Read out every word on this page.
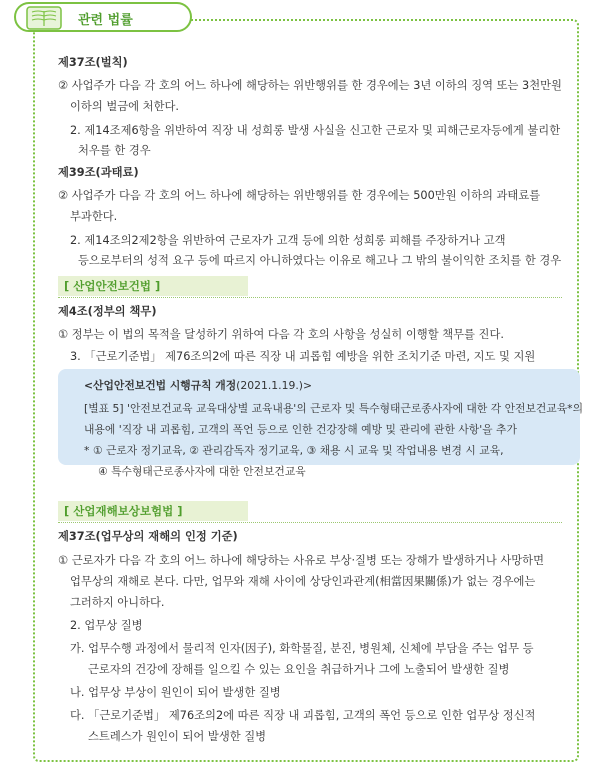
관련 법률
제37조(벌칙)
② 사업주가 다음 각 호의 어느 하나에 해당하는 위반행위를 한 경우에는 3년 이하의 징역 또는 3천만원
이하의 벌금에 처한다.
2. 제14조제6항을 위반하여 직장 내 성희롱 발생 사실을 신고한 근로자 및 피해근로자등에게 불리한
처우를 한 경우
제39조(과태료)
② 사업주가 다음 각 호의 어느 하나에 해당하는 위반행위를 한 경우에는 500만원 이하의 과태료를
부과한다.
2. 제14조의2제2항을 위반하여 근로자가 고객 등에 의한 성희롱 피해를 주장하거나 고객
등으로부터의 성적 요구 등에 따르지 아니하였다는 이유로 해고나 그 밖의 불이익한 조치를 한 경우
[ 산업안전보건법 ]
제4조(정부의 책무)
① 정부는 이 법의 목적을 달성하기 위하여 다음 각 호의 사항을 성실히 이행할 책무를 진다.
3. 「근로기준법」 제76조의2에 따른 직장 내 괴롭힘 예방을 위한 조치기준 마련, 지도 및 지원
<산업안전보건법 시행규칙 개정(2021.1.19.)>
[별표 5] '안전보건교육 교육대상별 교육내용'의 근로자 및 특수형태근로종사자에 대한 각 안전보건교육*의
내용에 '직장 내 괴롭힘, 고객의 폭언 등으로 인한 건강장해 예방 및 관리에 관한 사항'을 추가
* ① 근로자 정기교육, ② 관리감독자 정기교육, ③ 채용 시 교육 및 작업내용 변경 시 교육,
④ 특수형태근로종사자에 대한 안전보건교육
[ 산업재해보상보험법 ]
제37조(업무상의 재해의 인정 기준)
① 근로자가 다음 각 호의 어느 하나에 해당하는 사유로 부상·질병 또는 장해가 발생하거나 사망하면
업무상의 재해로 본다. 다만, 업무와 재해 사이에 상당인과관계(相當因果關係)가 없는 경우에는
그러하지 아니하다.
2. 업무상 질병
가. 업무수행 과정에서 물리적 인자(因子), 화학물질, 분진, 병원체, 신체에 부담을 주는 업무 등
근로자의 건강에 장해를 일으킬 수 있는 요인을 취급하거나 그에 노출되어 발생한 질병
나. 업무상 부상이 원인이 되어 발생한 질병
다. 「근로기준법」 제76조의2에 따른 직장 내 괴롭힘, 고객의 폭언 등으로 인한 업무상 정신적
스트레스가 원인이 되어 발생한 질병
